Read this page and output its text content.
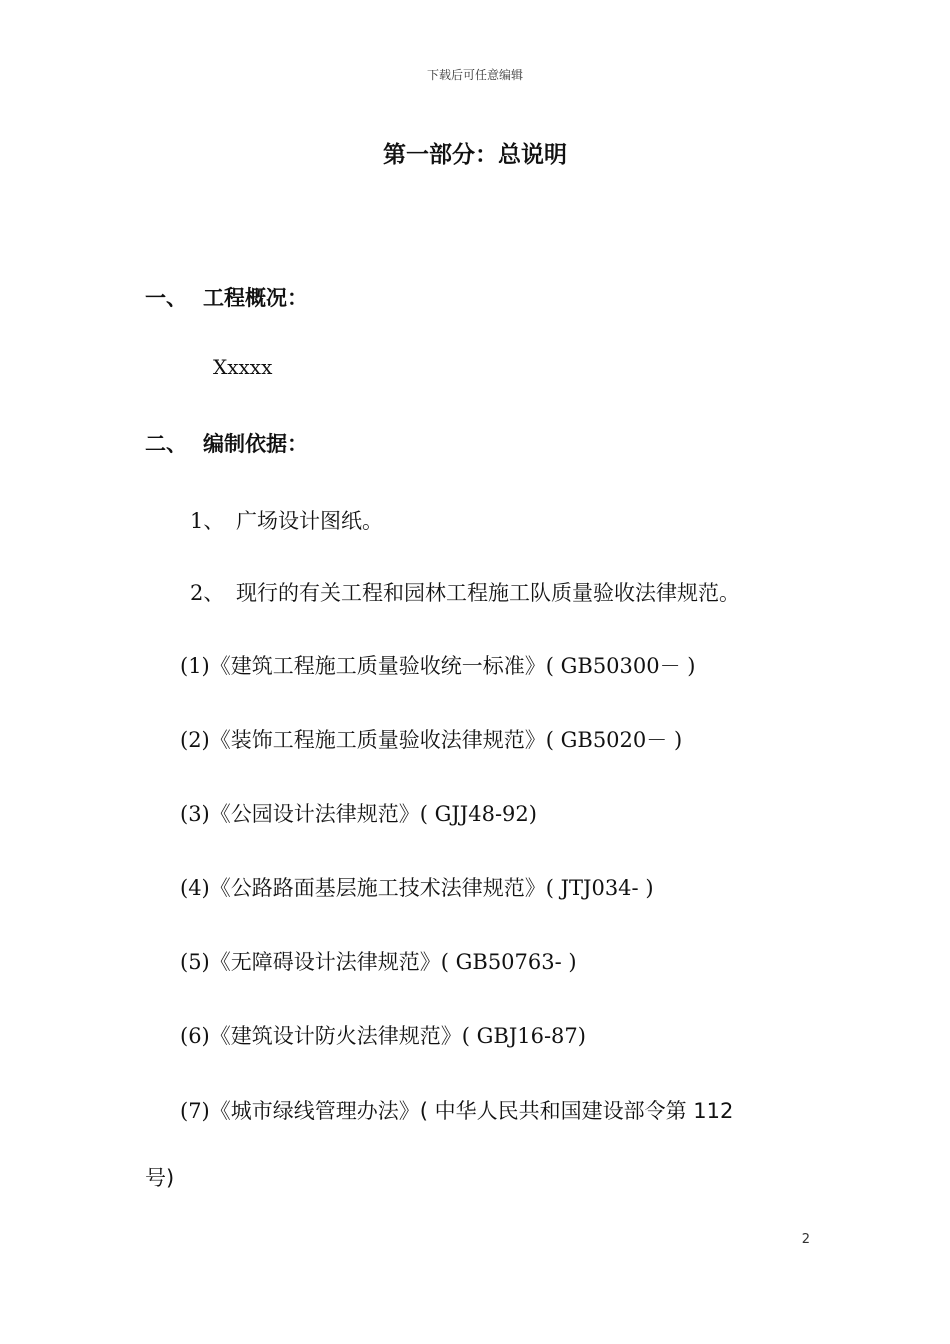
下载后可任意编辑
第一部分：总说明
一、 工程概况：
Xxxxx
二、 编制依据：
1、 广场设计图纸。
2、 现行的有关工程和园林工程施工队质量验收法律规范。
(1)《建筑工程施工质量验收统一标准》( GB50300－ )
(2)《装饰工程施工质量验收法律规范》( GB5020－ )
(3)《公园设计法律规范》( GJJ48-92)
(4)《公路路面基层施工技术法律规范》( JTJ034- )
(5)《无障碍设计法律规范》( GB50763- )
(6)《建筑设计防火法律规范》( GBJ16-87)
(7)《城市绿线管理办法》( 中华人民共和国建设部令第 112
号)
2
